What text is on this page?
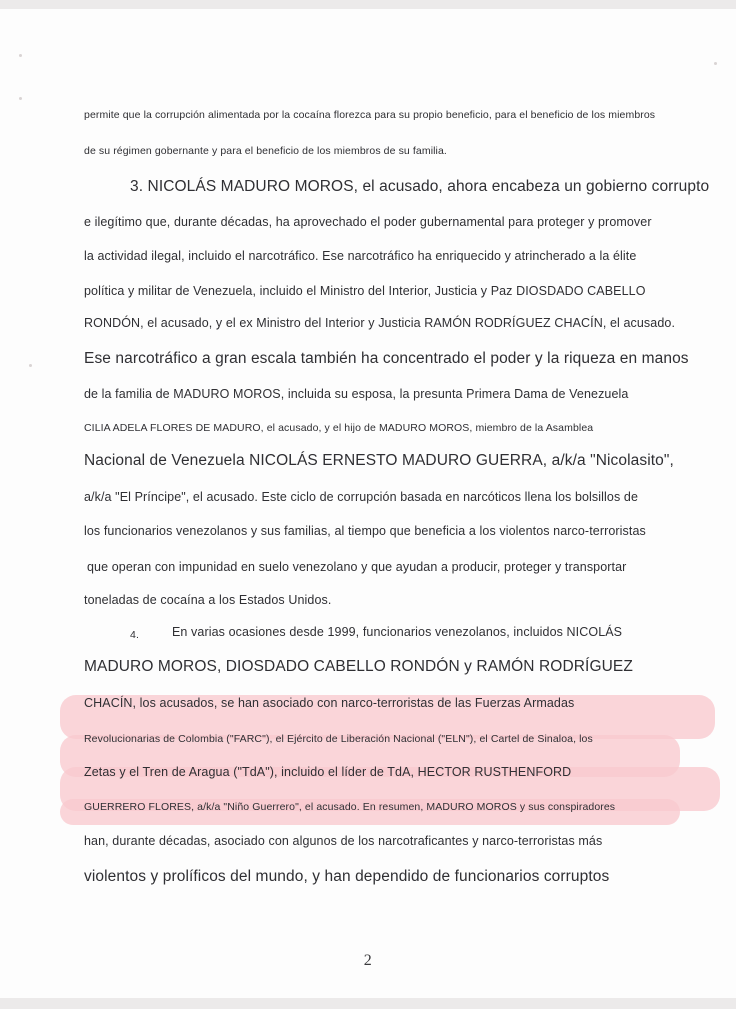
permite que la corrupción alimentada por la cocaína florezca para su propio beneficio, para el beneficio de los miembros
de su régimen gobernante y para el beneficio de los miembros de su familia.
3. NICOLÁS MADURO MOROS, el acusado, ahora encabeza un gobierno corrupto
e ilegítimo que, durante décadas, ha aprovechado el poder gubernamental para proteger y promover
la actividad ilegal, incluido el narcotráfico. Ese narcotráfico ha enriquecido y atrincherado a la élite
política y militar de Venezuela, incluido el Ministro del Interior, Justicia y Paz DIOSDADO CABELLO
RONDÓN, el acusado, y el ex Ministro del Interior y Justicia RAMÓN RODRÍGUEZ CHACÍN, el acusado.
Ese narcotráfico a gran escala también ha concentrado el poder y la riqueza en manos
de la familia de MADURO MOROS, incluida su esposa, la presunta Primera Dama de Venezuela
CILIA ADELA FLORES DE MADURO, el acusado, y el hijo de MADURO MOROS, miembro de la Asamblea
Nacional de Venezuela NICOLÁS ERNESTO MADURO GUERRA, a/k/a "Nicolasito",
a/k/a "El Príncipe", el acusado. Este ciclo de corrupción basada en narcóticos llena los bolsillos de
los funcionarios venezolanos y sus familias, al tiempo que beneficia a los violentos narco-terroristas
que operan con impunidad en suelo venezolano y que ayudan a producir, proteger y transportar
toneladas de cocaína a los Estados Unidos.
4.	En varias ocasiones desde 1999, funcionarios venezolanos, incluidos NICOLÁS
MADURO MOROS, DIOSDADO CABELLO RONDÓN y RAMÓN RODRÍGUEZ
CHACÍN, los acusados, se han asociado con narco-terroristas de las Fuerzas Armadas
Revolucionarias de Colombia ("FARC"), el Ejército de Liberación Nacional ("ELN"), el Cartel de Sinaloa, los
Zetas y el Tren de Aragua ("TdA"), incluido el líder de TdA, HECTOR RUSTHENFORD
GUERRERO FLORES, a/k/a "Niño Guerrero", el acusado. En resumen, MADURO MOROS y sus conspiradores
han, durante décadas, asociado con algunos de los narcotraficantes y narco-terroristas más
violentos y prolíficos del mundo, y han dependido de funcionarios corruptos
2
